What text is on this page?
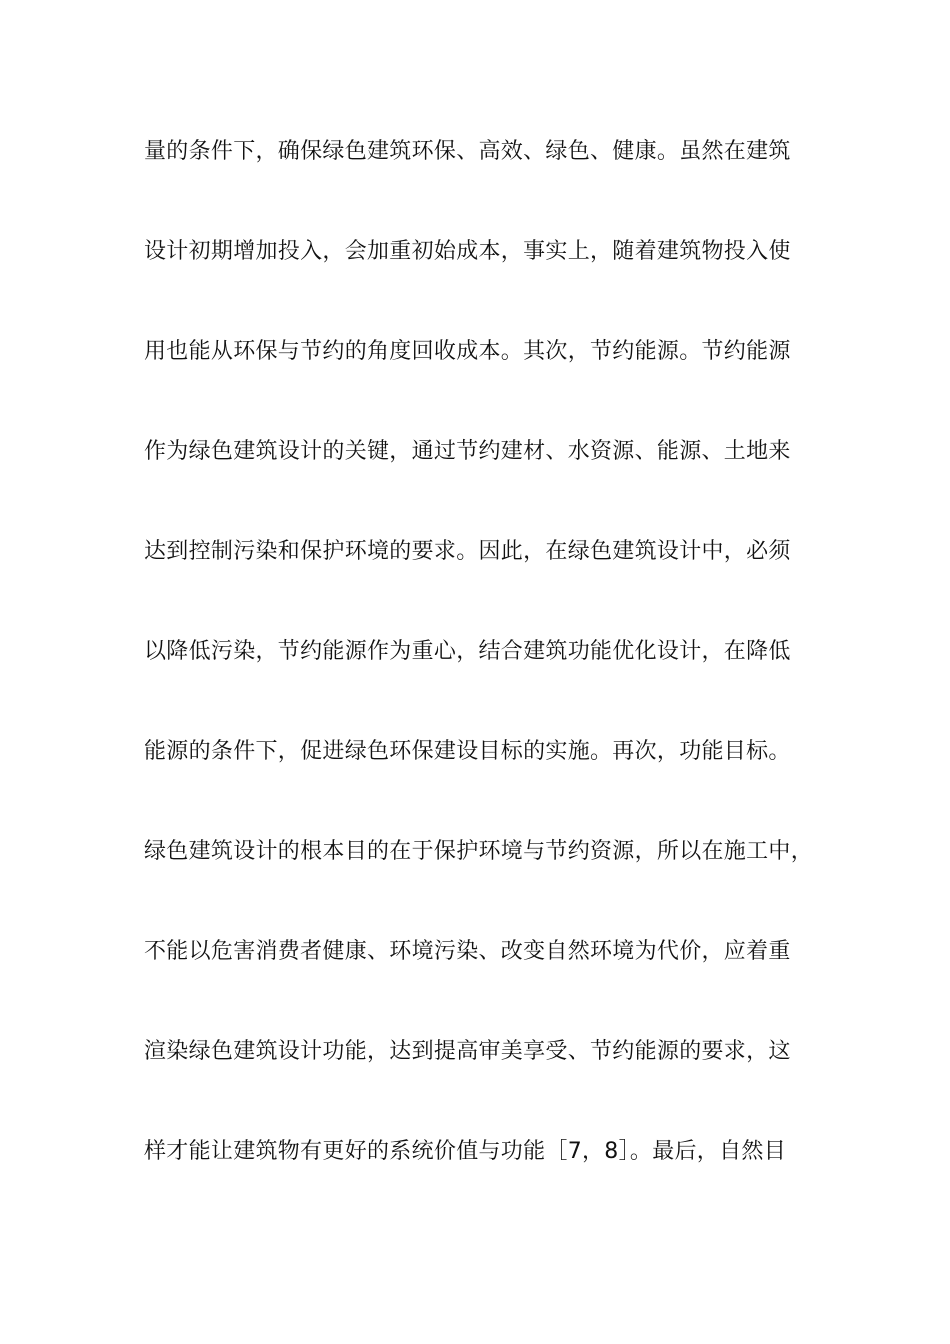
量的条件下，确保绿色建筑环保、高效、绿色、健康。虽然在建筑
设计初期增加投入，会加重初始成本，事实上，随着建筑物投入使
用也能从环保与节约的角度回收成本。其次，节约能源。节约能源
作为绿色建筑设计的关键，通过节约建材、水资源、能源、土地来
达到控制污染和保护环境的要求。因此，在绿色建筑设计中，必须
以降低污染，节约能源作为重心，结合建筑功能优化设计，在降低
能源的条件下，促进绿色环保建设目标的实施。再次，功能目标。
绿色建筑设计的根本目的在于保护环境与节约资源，所以在施工中，
不能以危害消费者健康、环境污染、改变自然环境为代价，应着重
渲染绿色建筑设计功能，达到提高审美享受、节约能源的要求，这
样才能让建筑物有更好的系统价值与功能［7，8］。最后，自然目
